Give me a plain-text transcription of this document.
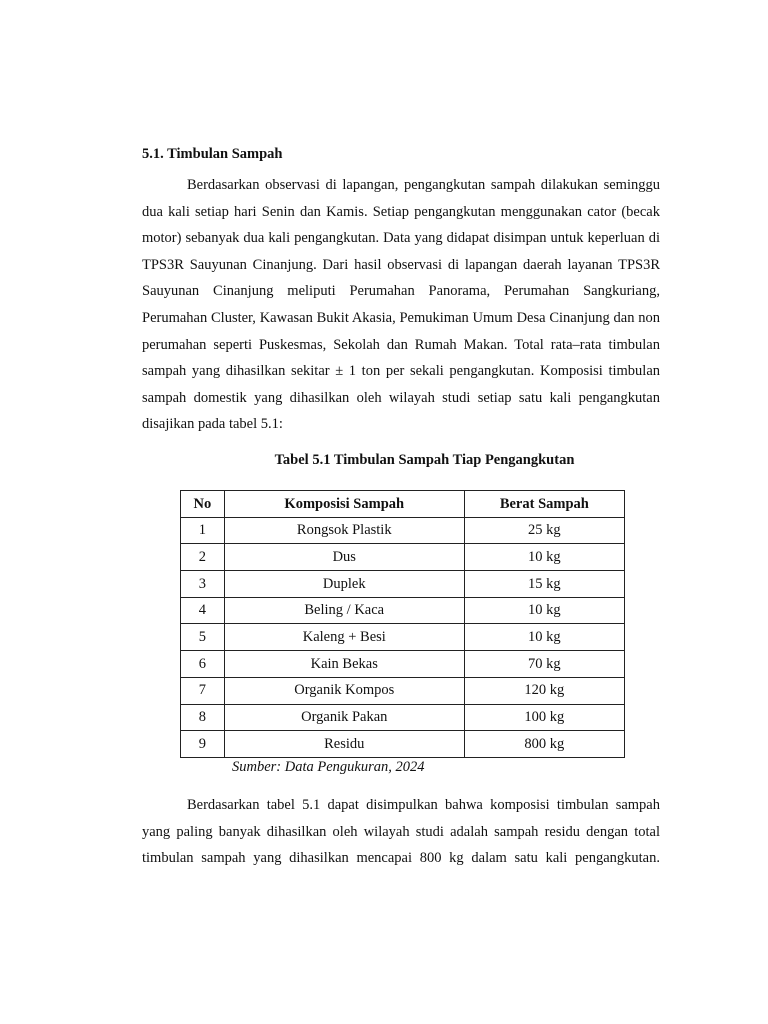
5.1. Timbulan Sampah

Berdasarkan observasi di lapangan, pengangkutan sampah dilakukan seminggu dua kali setiap hari Senin dan Kamis. Setiap pengangkutan menggunakan cator (becak motor) sebanyak dua kali pengangkutan. Data yang didapat disimpan untuk keperluan di TPS3R Sauyunan Cinanjung. Dari hasil observasi di lapangan daerah layanan TPS3R Sauyunan Cinanjung meliputi Perumahan Panorama, Perumahan Sangkuriang, Perumahan Cluster, Kawasan Bukit Akasia, Pemukiman Umum Desa Cinanjung dan non perumahan seperti Puskesmas, Sekolah dan Rumah Makan. Total rata–rata timbulan sampah yang dihasilkan sekitar ± 1 ton per sekali pengangkutan. Komposisi timbulan sampah domestik yang dihasilkan oleh wilayah studi setiap satu kali pengangkutan disajikan pada tabel 5.1:

Tabel 5.1 Timbulan Sampah Tiap Pengangkutan

No	Komposisi Sampah	Berat Sampah
1	Rongsok Plastik	25 kg
2	Dus	10 kg
3	Duplek	15 kg
4	Beling / Kaca	10 kg
5	Kaleng + Besi	10 kg
6	Kain Bekas	70 kg
7	Organik Kompos	120 kg
8	Organik Pakan	100 kg
9	Residu	800 kg

Sumber: Data Pengukuran, 2024

Berdasarkan tabel 5.1 dapat disimpulkan bahwa komposisi timbulan sampah yang paling banyak dihasilkan oleh wilayah studi adalah sampah residu dengan total timbulan sampah yang dihasilkan mencapai 800 kg dalam satu kali pengangkutan.
